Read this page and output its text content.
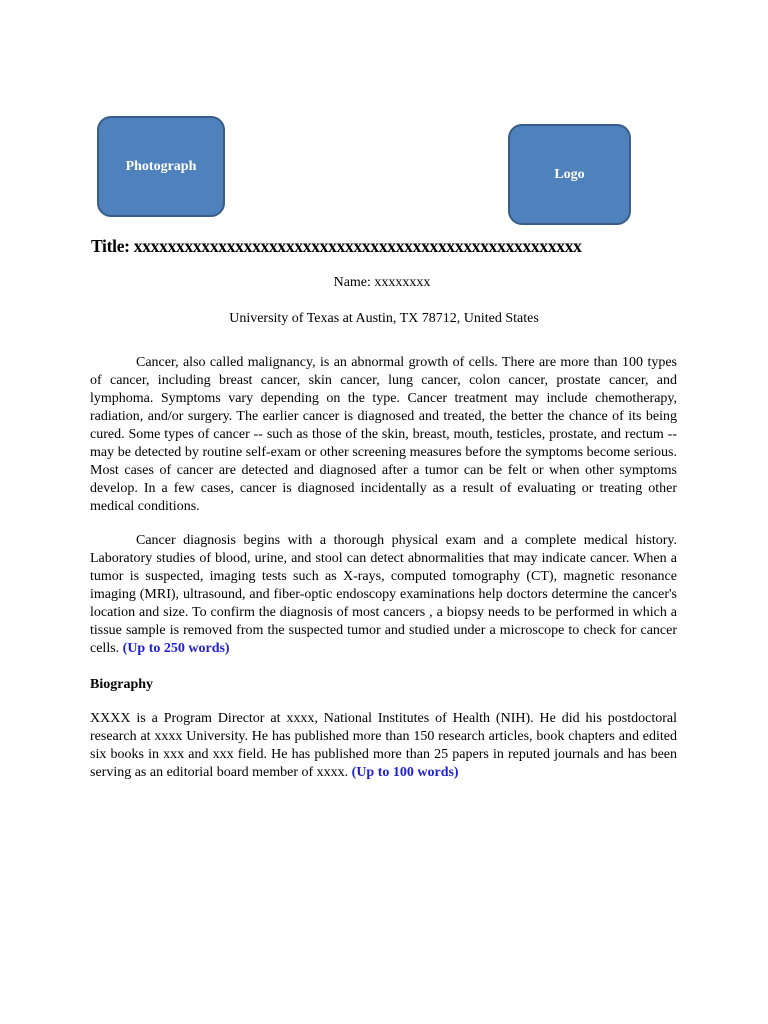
Photograph
Logo
Title: xxxxxxxxxxxxxxxxxxxxxxxxxxxxxxxxxxxxxxxxxxxxxxxxxxxxx
Name: xxxxxxxx
University of Texas at Austin, TX 78712, United States

Cancer, also called malignancy, is an abnormal growth of cells. There are more than 100 types of cancer, including breast cancer, skin cancer, lung cancer, colon cancer, prostate cancer, and lymphoma. Symptoms vary depending on the type. Cancer treatment may include chemotherapy, radiation, and/or surgery. The earlier cancer is diagnosed and treated, the better the chance of its being cured. Some types of cancer -- such as those of the skin, breast, mouth, testicles, prostate, and rectum -- may be detected by routine self-exam or other screening measures before the symptoms become serious. Most cases of cancer are detected and diagnosed after a tumor can be felt or when other symptoms develop. In a few cases, cancer is diagnosed incidentally as a result of evaluating or treating other medical conditions.

Cancer diagnosis begins with a thorough physical exam and a complete medical history. Laboratory studies of blood, urine, and stool can detect abnormalities that may indicate cancer. When a tumor is suspected, imaging tests such as X-rays, computed tomography (CT), magnetic resonance imaging (MRI), ultrasound, and fiber-optic endoscopy examinations help doctors determine the cancer's location and size. To confirm the diagnosis of most cancers , a biopsy needs to be performed in which a tissue sample is removed from the suspected tumor and studied under a microscope to check for cancer cells. (Up to 250 words)

Biography

XXXX is a Program Director at xxxx, National Institutes of Health (NIH). He did his postdoctoral research at xxxx University. He has published more than 150 research articles, book chapters and edited six books in xxx and xxx field. He has published more than 25 papers in reputed journals and has been serving as an editorial board member of xxxx. (Up to 100 words)
